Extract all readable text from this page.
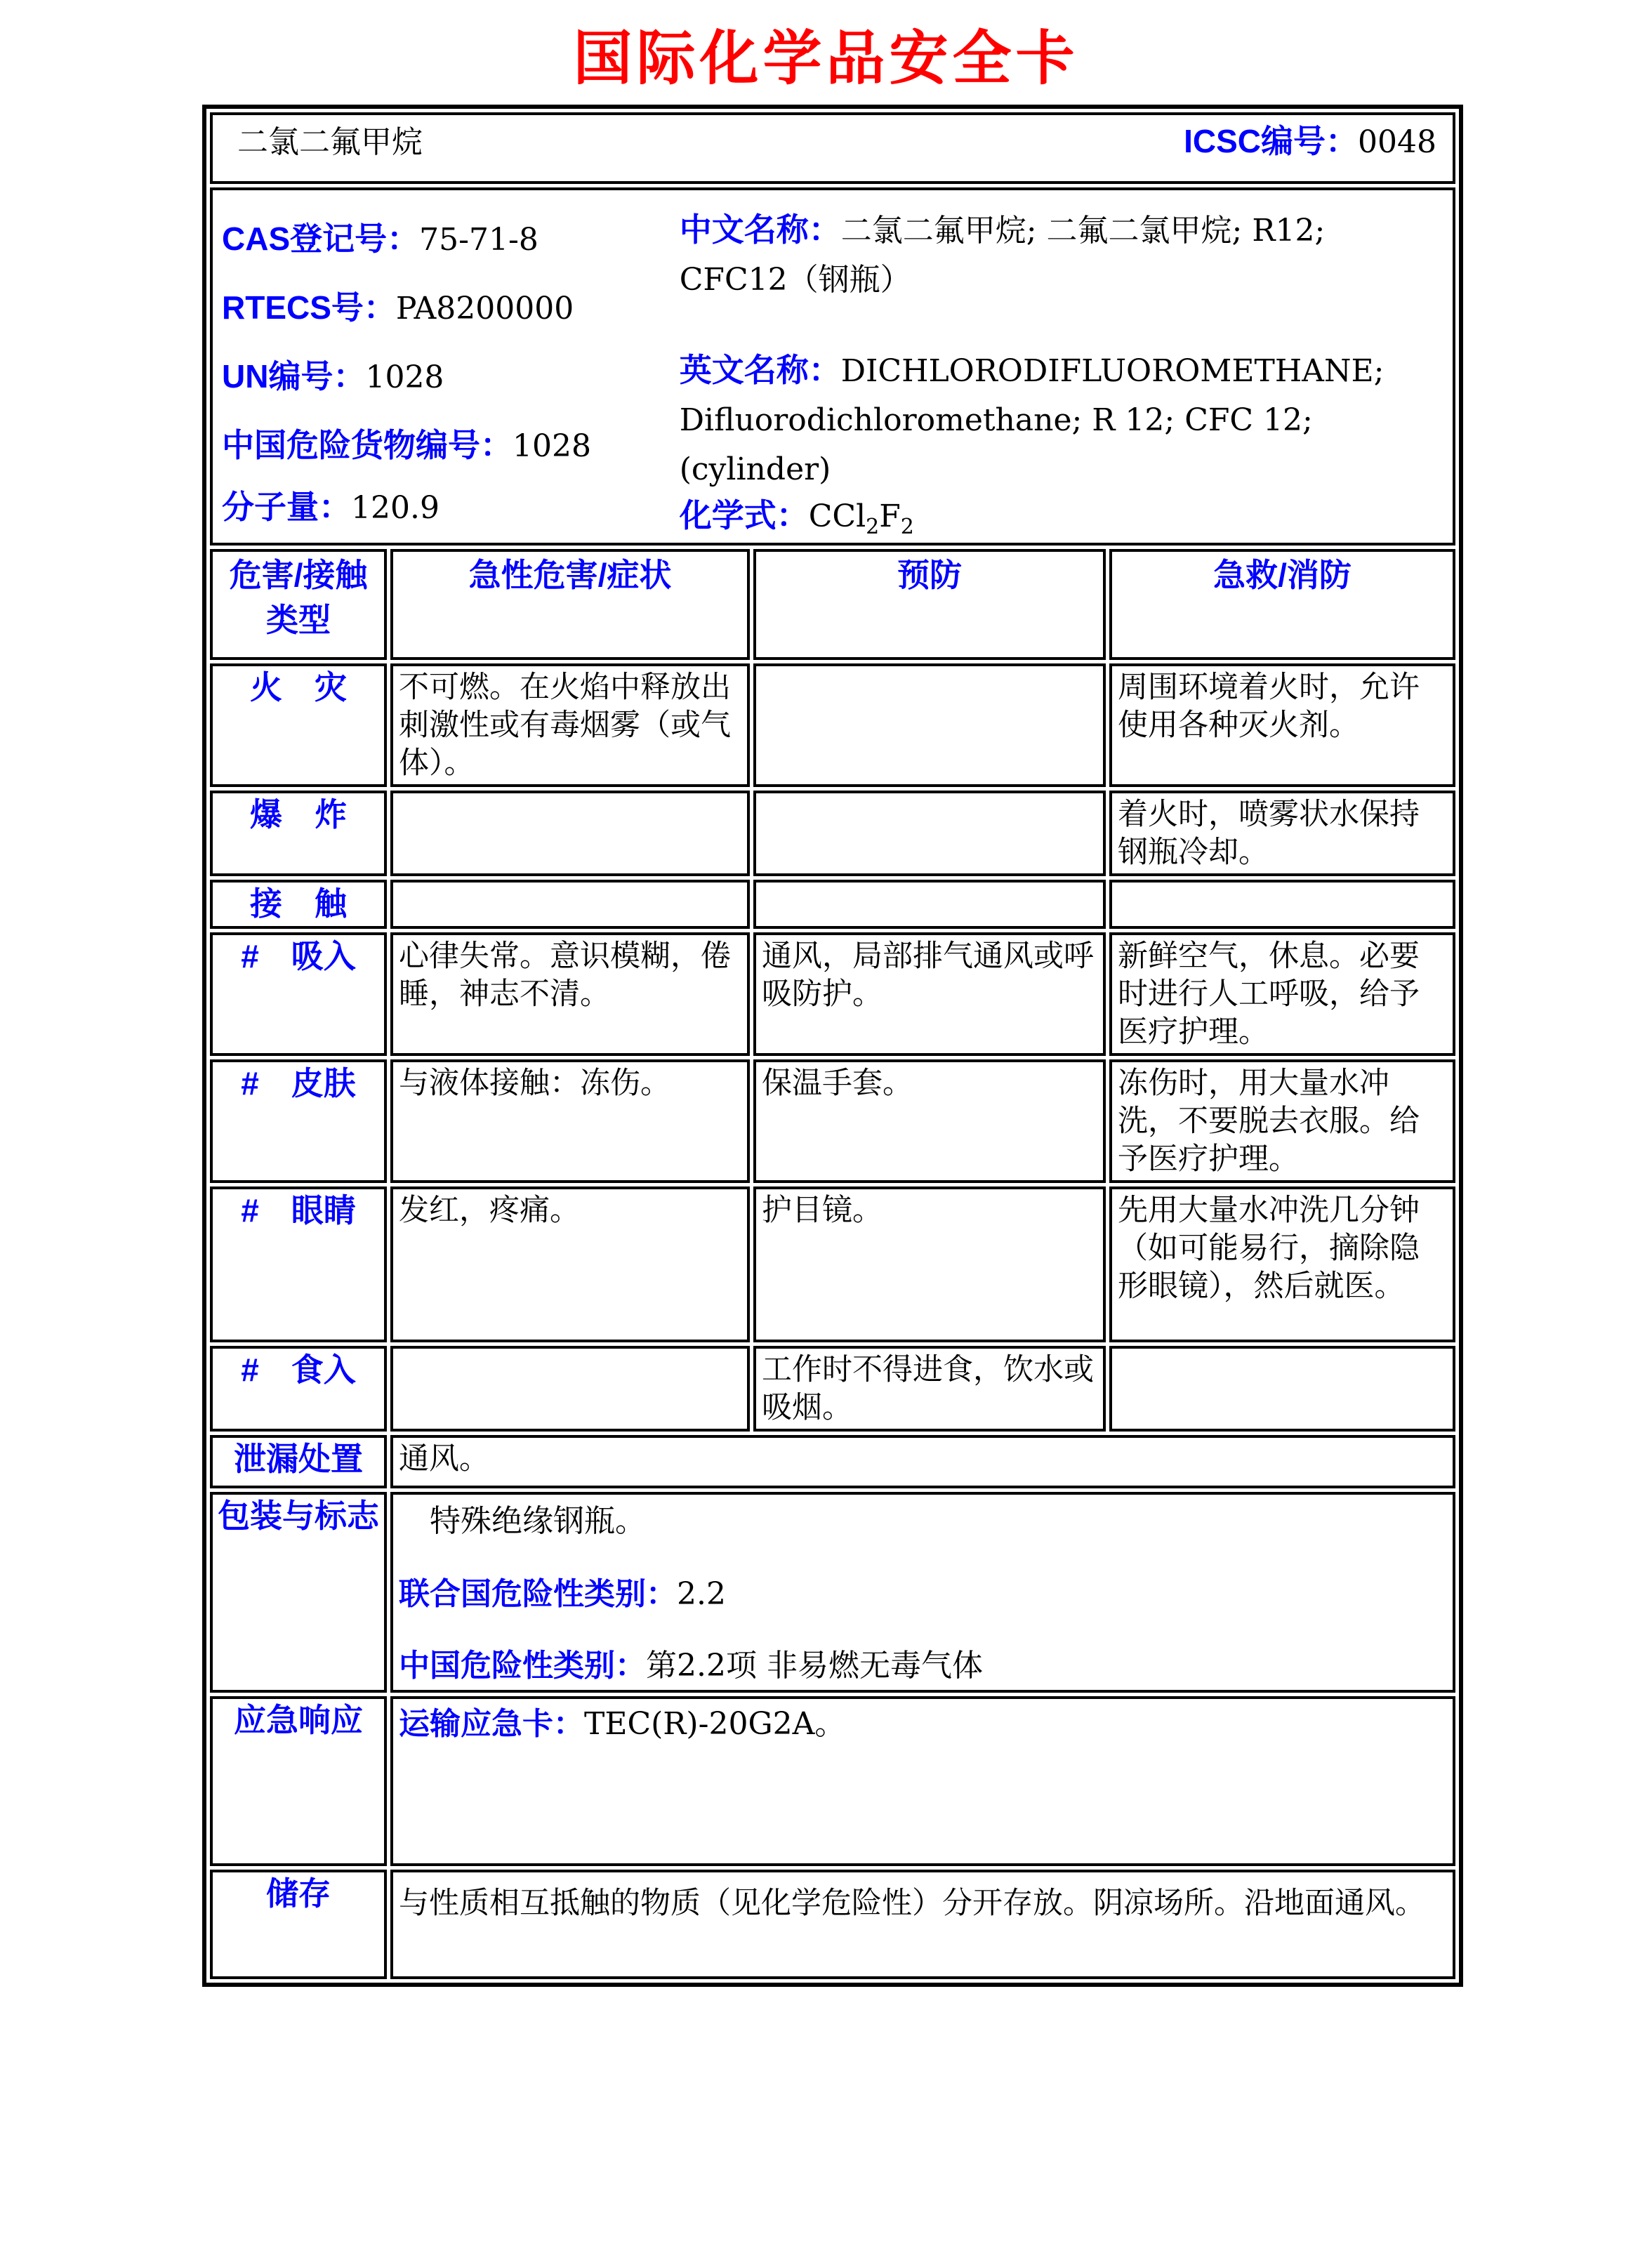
国际化学品安全卡
二氯二氟甲烷 ICSC编号：0048			

CAS登记号：75-71-8
RTECS号：PA8200000
UN编号：1028
中国危险货物编号：1028
分子量：120.9
中文名称：二氯二氟甲烷; 二氟二氯甲烷; R12; CFC12（钢瓶）
英文名称：DICHLORODIFLUOROMETHANE; Difluorodichloromethane; R 12; CFC 12; (cylinder)
化学式：$CCl_2F_2$

危害/接触类型	急性危害/症状	预防	急救/消防
火　灾	不可燃。在火焰中释放出刺激性或有毒烟雾（或气体）。		周围环境着火时，允许使用各种灭火剂。
爆　炸			着火时，喷雾状水保持钢瓶冷却。
接　触			
#　吸入	心律失常。意识模糊，倦睡，神志不清。	通风，局部排气通风或呼吸防护。	新鲜空气，休息。必要时进行人工呼吸，给予医疗护理。
#　皮肤	与液体接触：冻伤。	保温手套。	冻伤时，用大量水冲洗，不要脱去衣服。给予医疗护理。
#　眼睛	发红，疼痛。	护目镜。	先用大量水冲洗几分钟（如可能易行，摘除隐形眼镜），然后就医。
#　食入		工作时不得进食，饮水或吸烟。	
泄漏处置	通风。		
包装与标志	特殊绝缘钢瓶。

联合国危险性类别：2.2

中国危险性类别：第2.2项 非易燃无毒气体		

应急响应	运输应急卡：TEC(R)-20G2A。		

储存	与性质相互抵触的物质（见化学危险性）分开存放。阴凉场所。沿地面通风。		
